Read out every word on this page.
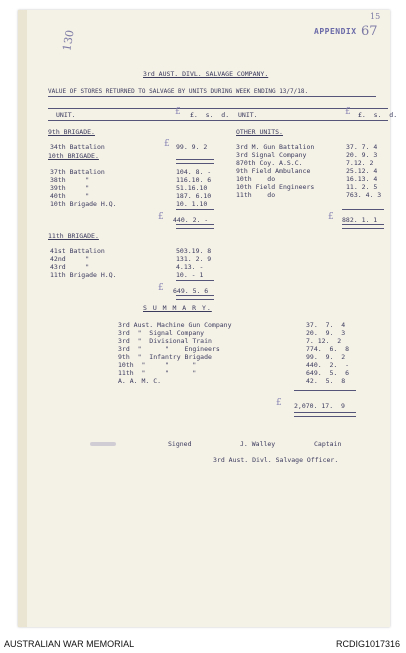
130	APPENDIX 67
15
3rd AUST. DIVL. SALVAGE COMPANY.
VALUE OF STORES RETURNED TO SALVAGE BY UNITS DURING WEEK ENDING 13/7/18.
UNIT.	£ £.  s.  d. UNIT.	£ £.  s.  d.
9th BRIGADE.
34th Battalion	£ 99. 9. 2
10th BRIGADE.
37th Battalion	104. 8. -
38th     "	116.10. 6
39th     "	51.16.10
40th     "	187. 6.10
10th Brigade H.Q.	10. 1.10
£ 440. 2. -
11th BRIGADE.
41st Battalion	503.19. 8
42nd     "	131. 2. 9
43rd     "	4.13. -
11th Brigade H.Q.	10. - 1
£ 649. 5. 6
OTHER UNITS.
3rd M. Gun Battalion	37. 7. 4
3rd Signal Company	20. 9. 3
870th Coy. A.S.C.	7.12. 2
9th Field Ambulance	25.12. 4
10th    do	16.13. 4
10th Field Engineers	11. 2. 5
11th    do	763. 4. 3
£ 882. 1. 1
S U M M A R Y.
3rd Aust. Machine Gun Company	37.  7.  4
3rd  "  Signal Company	20.  9.  3
3rd  "  Divisional Train	7. 12.  2
3rd  "      "    Engineers	774.  6.  8
9th  "  Infantry Brigade	99.  9.  2
10th  "     "      "	440.  2.  -
11th  "     "      "	649.  5.  6
A. A. M. C.	42.  5.  8
£ 2,070. 17.  9
Signed	J. Walley	Captain
3rd Aust. Divl. Salvage Officer.
AUSTRALIAN WAR MEMORIAL	RCDIG1017316
